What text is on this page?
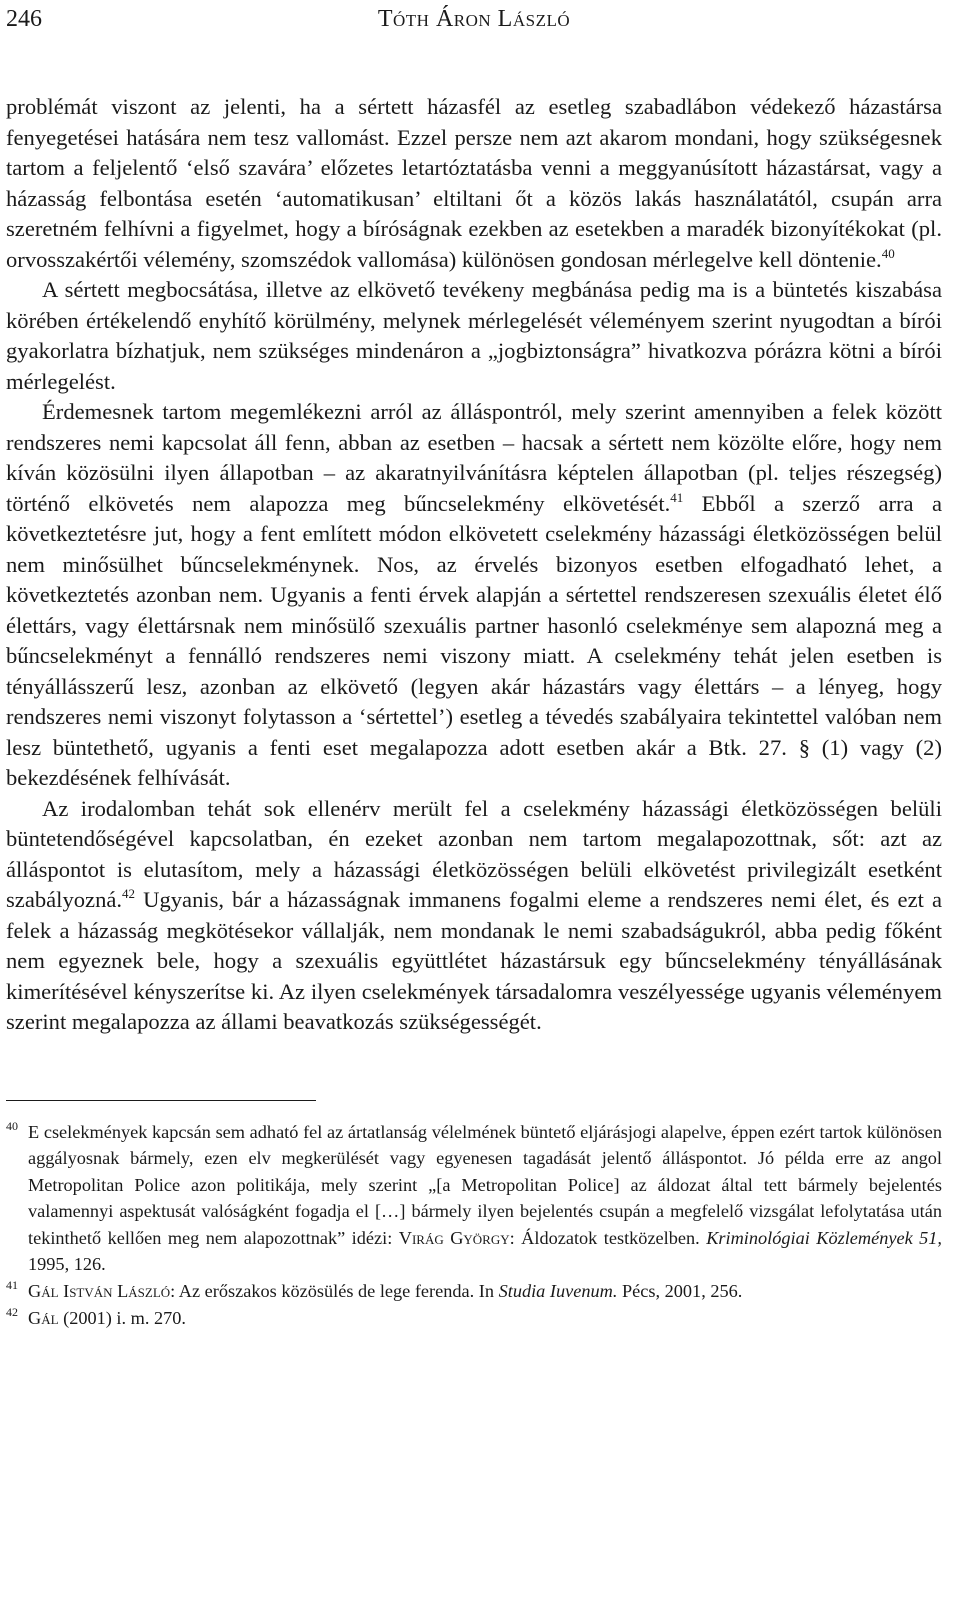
246	Tóth Áron László

problémát viszont az jelenti, ha a sértett házasfél az esetleg szabadlábon védekező házastársa fenyegetései hatására nem tesz vallomást. Ezzel persze nem azt akarom mondani, hogy szükségesnek tartom a feljelentő ‘első szavára’ előzetes letartóztatásba venni a meggyanúsított házastársat, vagy a házasság felbontása esetén ‘automatikusan’ eltiltani őt a közös lakás használatától, csupán arra szeretném felhívni a figyelmet, hogy a bíróságnak ezekben az esetekben a maradék bizonyítékokat (pl. orvosszakértői vélemény, szomszédok vallomása) különösen gondosan mérlegelve kell döntenie.$^{40}$

A sértett megbocsátása, illetve az elkövető tevékeny megbánása pedig ma is a büntetés kiszabása körében értékelendő enyhítő körülmény, melynek mérlegelését véleményem szerint nyugodtan a bírói gyakorlatra bízhatjuk, nem szükséges mindenáron a „jogbiztonságra” hivatkozva pórázra kötni a bírói mérlegelést.

Érdemesnek tartom megemlékezni arról az álláspontról, mely szerint amennyiben a felek között rendszeres nemi kapcsolat áll fenn, abban az esetben – hacsak a sértett nem közölte előre, hogy nem kíván közösülni ilyen állapotban – az akaratnyilvánításra képtelen állapotban (pl. teljes részegség) történő elkövetés nem alapozza meg bűncselekmény elkövetését.$^{41}$ Ebből a szerző arra a következtetésre jut, hogy a fent említett módon elkövetett cselekmény házassági életközösségen belül nem minősülhet bűncselekménynek. Nos, az érvelés bizonyos esetben elfogadható lehet, a következtetés azonban nem. Ugyanis a fenti érvek alapján a sértettel rendszeresen szexuális életet élő élettárs, vagy élettársnak nem minősülő szexuális partner hasonló cselekménye sem alapozná meg a bűncselekményt a fennálló rendszeres nemi viszony miatt. A cselekmény tehát jelen esetben is tényállásszerű lesz, azonban az elkövető (legyen akár házastárs vagy élettárs – a lényeg, hogy rendszeres nemi viszonyt folytasson a ‘sértettel’) esetleg a tévedés szabályaira tekintettel valóban nem lesz büntethető, ugyanis a fenti eset megalapozza adott esetben akár a Btk. 27. § (1) vagy (2) bekezdésének felhívását.

Az irodalomban tehát sok ellenérv merült fel a cselekmény házassági életközösségen belüli büntetendőségével kapcsolatban, én ezeket azonban nem tartom megalapozottnak, sőt: azt az álláspontot is elutasítom, mely a házassági életközösségen belüli elkövetést privilegizált esetként szabályozná.$^{42}$ Ugyanis, bár a házasságnak immanens fogalmi eleme a rendszeres nemi élet, és ezt a felek a házasság megkötésekor vállalják, nem mondanak le nemi szabadságukról, abba pedig főként nem egyeznek bele, hogy a szexuális együttlétet házastársuk egy bűncselekmény tényállásának kimerítésével kényszerítse ki. Az ilyen cselekmények társadalomra veszélyessége ugyanis véleményem szerint megalapozza az állami beavatkozás szükségességét.

40 E cselekmények kapcsán sem adható fel az ártatlanság vélelmének büntető eljárásjogi alapelve, éppen ezért tartok különösen aggályosnak bármely, ezen elv megkerülését vagy egyenesen tagadását jelentő álláspontot. Jó példa erre az angol Metropolitan Police azon politikája, mely szerint „[a Metropolitan Police] az áldozat által tett bármely bejelentés valamennyi aspektusát valóságként fogadja el […] bármely ilyen bejelentés csupán a megfelelő vizsgálat lefolytatása után tekinthető kellően meg nem alapozottnak” idézi: Virág György: Áldozatok testközelben. Kriminológiai Közlemények 51, 1995, 126.
41 Gál István László: Az erőszakos közösülés de lege ferenda. In Studia Iuvenum. Pécs, 2001, 256.
42 Gál (2001) i. m. 270.
